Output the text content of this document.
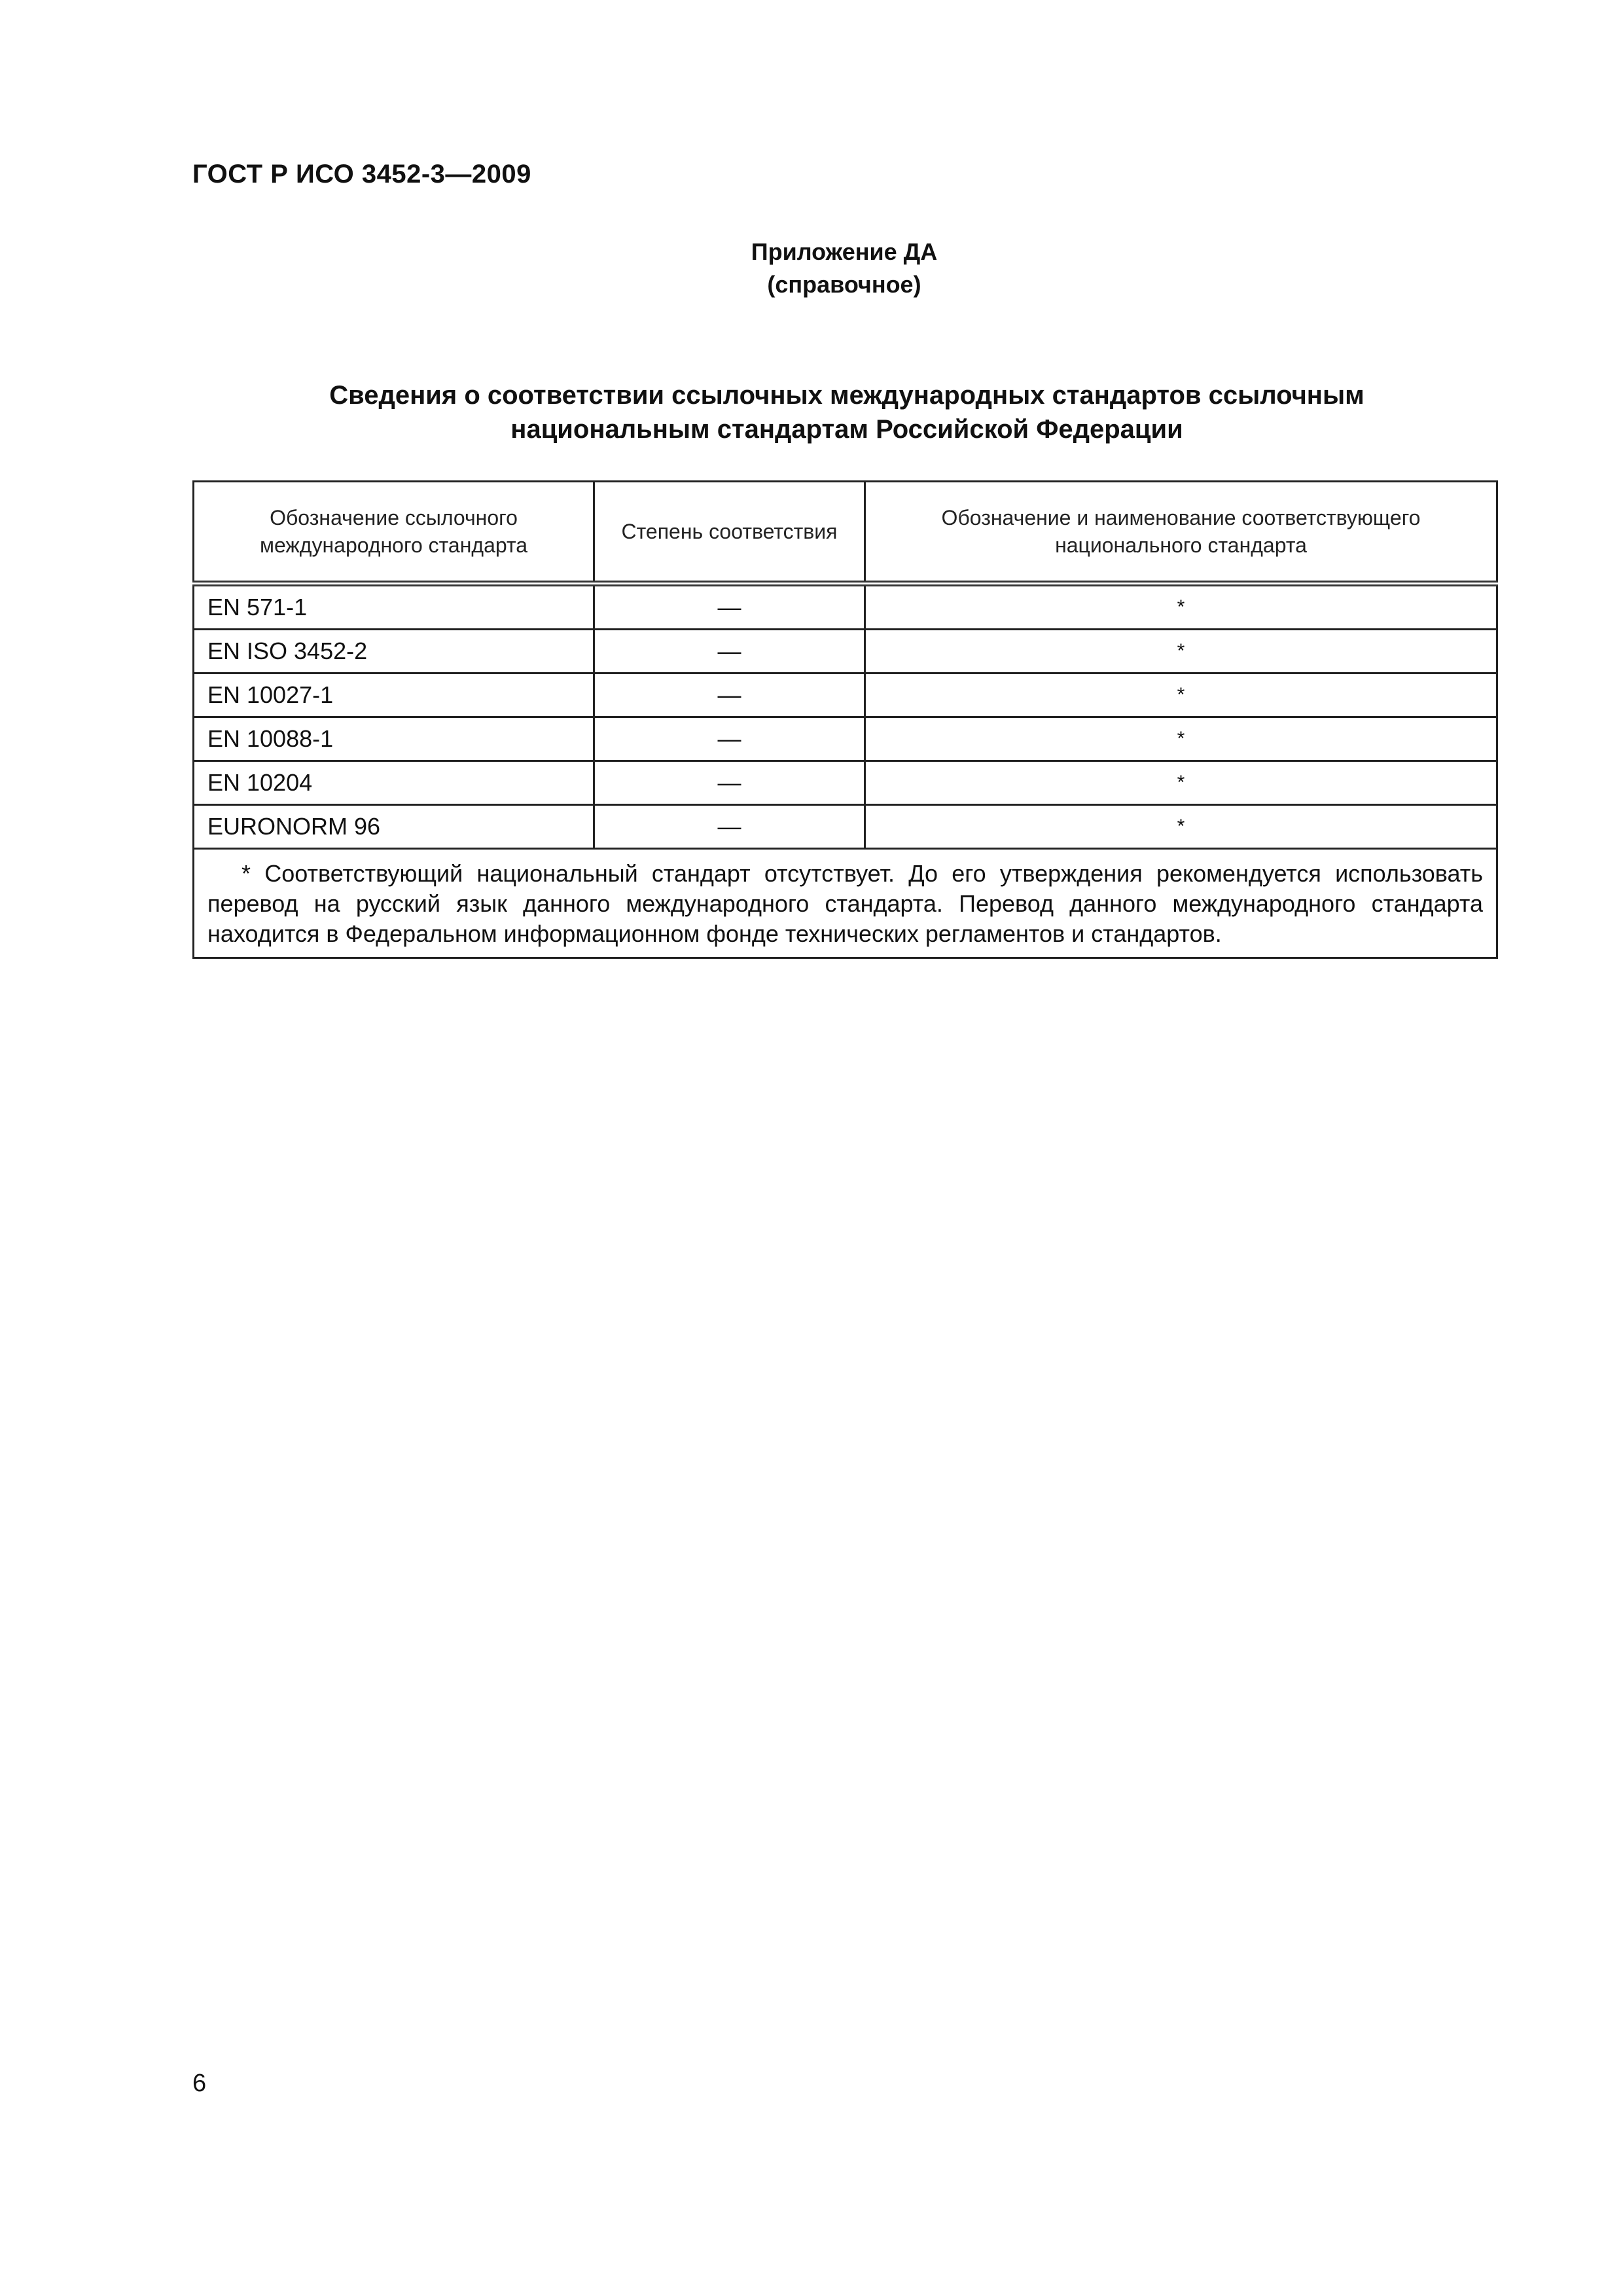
ГОСТ Р ИСО 3452-3—2009
Приложение ДА
(справочное)
Сведения о соответствии ссылочных международных стандартов ссылочным
национальным стандартам Российской Федерации
Обозначение ссылочного международного стандарта	Степень соответствия	Обозначение и наименование соответствующего национального стандарта
EN 571-1	—	*
EN ISO 3452-2	—	*
EN 10027-1	—	*
EN 10088-1	—	*
EN 10204	—	*
EURONORM 96	—	*
* Соответствующий национальный стандарт отсутствует. До его утверждения рекомендуется использовать перевод на русский язык данного международного стандарта. Перевод данного международного стандарта находится в Федеральном информационном фонде технических регламентов и стандартов.		
6
